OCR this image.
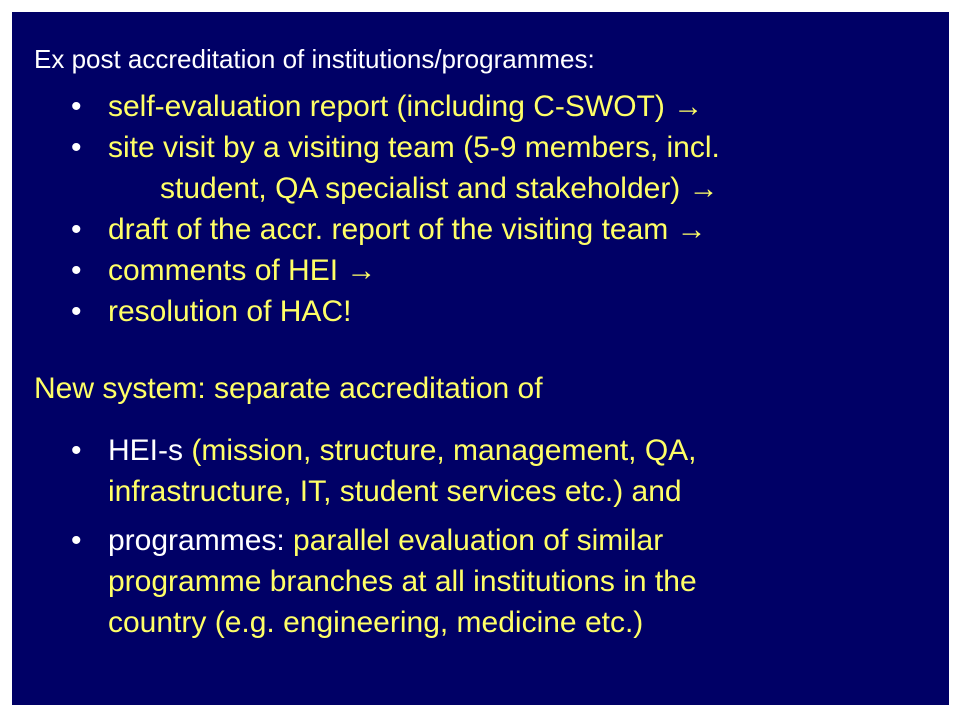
Ex post accreditation of institutions/programmes:
• self-evaluation report (including C-SWOT) →
• site visit by a visiting team (5-9 members, incl.
student, QA specialist and stakeholder) →
• draft of the accr. report of the visiting team →
• comments of HEI →
• resolution of HAC!
New system: separate accreditation of
• HEI-s (mission, structure, management, QA,
infrastructure, IT, student services etc.) and
• programmes: parallel evaluation of similar
programme branches at all institutions in the
country (e.g. engineering, medicine etc.)
